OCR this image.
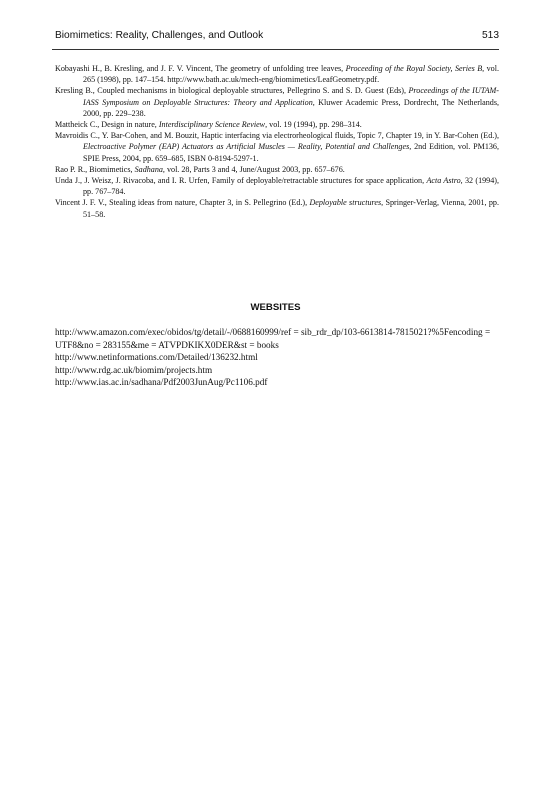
Biomimetics: Reality, Challenges, and Outlook	513
Kobayashi H., B. Kresling, and J. F. V. Vincent, The geometry of unfolding tree leaves, Proceeding of the Royal Society, Series B, vol. 265 (1998), pp. 147–154. http://www.bath.ac.uk/mech-eng/biomimetics/LeafGeometry.pdf.
Kresling B., Coupled mechanisms in biological deployable structures, Pellegrino S. and S. D. Guest (Eds), Proceedings of the IUTAM-IASS Symposium on Deployable Structures: Theory and Application, Kluwer Academic Press, Dordrecht, The Netherlands, 2000, pp. 229–238.
Mattheick C., Design in nature, Interdisciplinary Science Review, vol. 19 (1994), pp. 298–314.
Mavroidis C., Y. Bar-Cohen, and M. Bouzit, Haptic interfacing via electrorheological fluids, Topic 7, Chapter 19, in Y. Bar-Cohen (Ed.), Electroactive Polymer (EAP) Actuators as Artificial Muscles — Reality, Potential and Challenges, 2nd Edition, vol. PM136, SPIE Press, 2004, pp. 659–685, ISBN 0-8194-5297-1.
Rao P. R., Biomimetics, Sadhana, vol. 28, Parts 3 and 4, June/August 2003, pp. 657–676.
Unda J., J. Weisz, J. Rivacoba, and I. R. Urfen, Family of deployable/retractable structures for space application, Acta Astro, 32 (1994), pp. 767–784.
Vincent J. F. V., Stealing ideas from nature, Chapter 3, in S. Pellegrino (Ed.), Deployable structures, Springer-Verlag, Vienna, 2001, pp. 51–58.
WEBSITES
http://www.amazon.com/exec/obidos/tg/detail/-/0688160999/ref = sib_rdr_dp/103-6613814-7815021?%5Fencoding = UTF8&no = 283155&me = ATVPDKIKX0DER&st = books
http://www.netinformations.com/Detailed/136232.html
http://www.rdg.ac.uk/biomim/projects.htm
http://www.ias.ac.in/sadhana/Pdf2003JunAug/Pc1106.pdf
